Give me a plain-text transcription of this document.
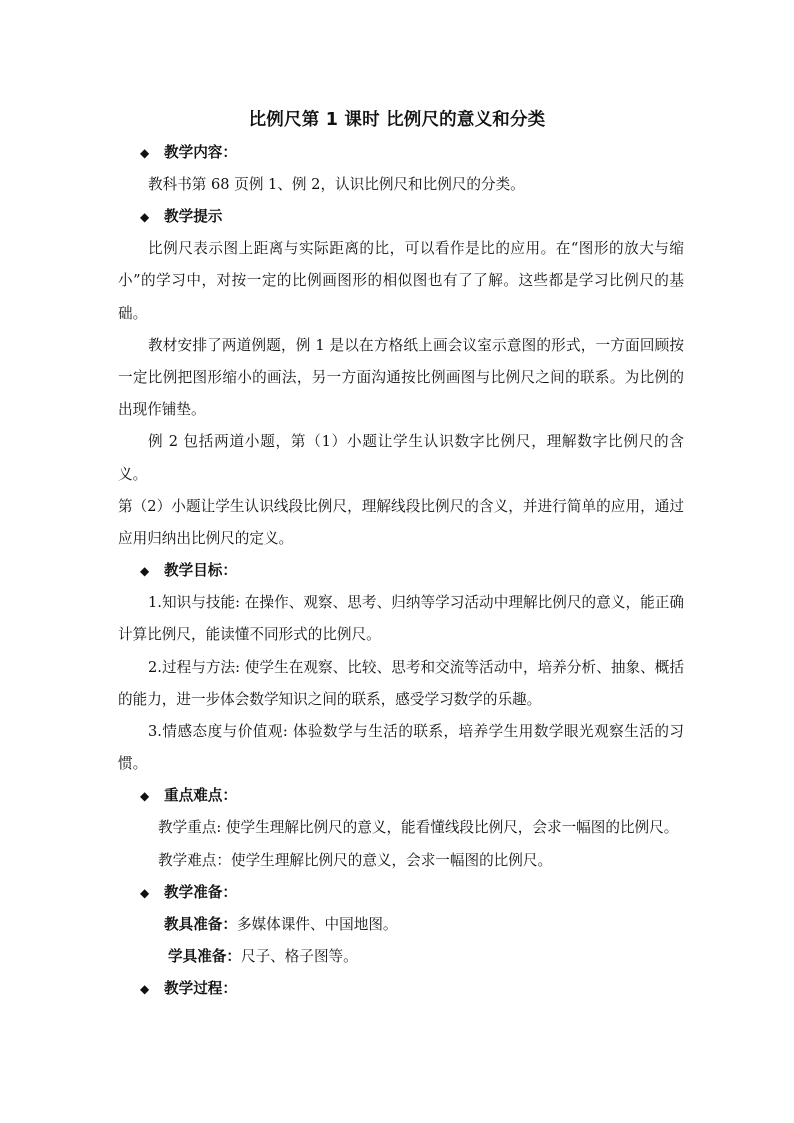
比例尺第 1 课时 比例尺的意义和分类
◆ 教学内容：

教科书第 68 页例 1、例 2，认识比例尺和比例尺的分类。

◆ 教学提示

比例尺表示图上距离与实际距离的比，可以看作是比的应用。在“图形的放大与缩小”的学习中，对按一定的比例画图形的相似图也有了了解。这些都是学习比例尺的基础。

教材安排了两道例题，例 1 是以在方格纸上画会议室示意图的形式，一方面回顾按一定比例把图形缩小的画法，另一方面沟通按比例画图与比例尺之间的联系。为比例的出现作铺垫。

例 2 包括两道小题，第（1）小题让学生认识数字比例尺，理解数字比例尺的含义。

第（2）小题让学生认识线段比例尺，理解线段比例尺的含义，并进行简单的应用，通过应用归纳出比例尺的定义。

◆ 教学目标：

1.知识与技能: 在操作、观察、思考、归纳等学习活动中理解比例尺的意义，能正确计算比例尺，能读懂不同形式的比例尺。

2.过程与方法: 使学生在观察、比较、思考和交流等活动中，培养分析、抽象、概括的能力，进一步体会数学知识之间的联系，感受学习数学的乐趣。

3.情感态度与价值观: 体验数学与生活的联系，培养学生用数学眼光观察生活的习惯。

◆ 重点难点：

教学重点: 使学生理解比例尺的意义，能看懂线段比例尺，会求一幅图的比例尺。

教学难点：使学生理解比例尺的意义，会求一幅图的比例尺。

◆ 教学准备：

教具准备：多媒体课件、中国地图。

学具准备：尺子、格子图等。

◆ 教学过程：
